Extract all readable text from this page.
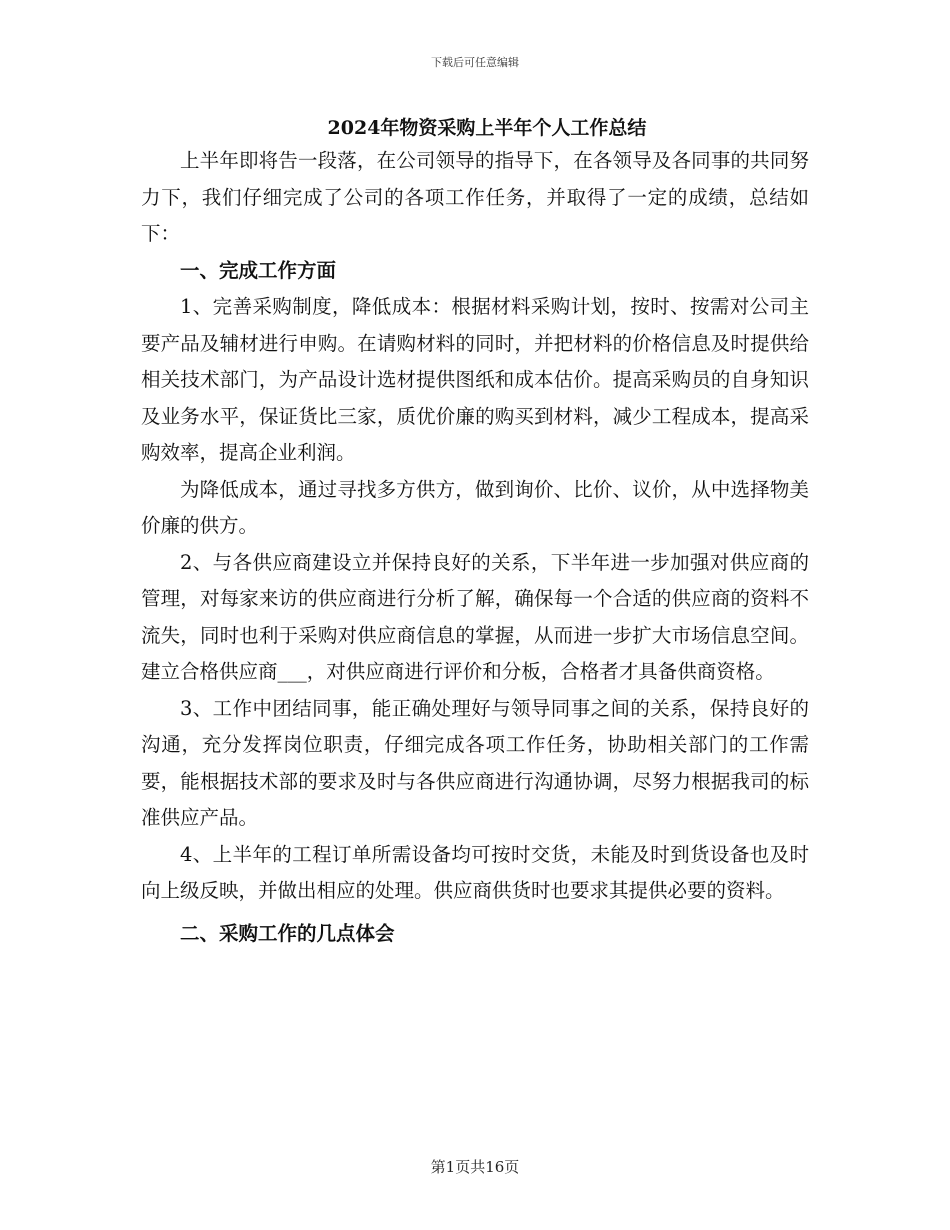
下载后可任意编辑
2024年物资采购上半年个人工作总结

上半年即将告一段落，在公司领导的指导下，在各领导及各同事的共同努力下，我们仔细完成了公司的各项工作任务，并取得了一定的成绩，总结如下：

一、完成工作方面

1、完善采购制度，降低成本：根据材料采购计划，按时、按需对公司主要产品及辅材进行申购。在请购材料的同时，并把材料的价格信息及时提供给相关技术部门，为产品设计选材提供图纸和成本估价。提高采购员的自身知识及业务水平，保证货比三家，质优价廉的购买到材料，减少工程成本，提高采购效率，提高企业利润。

为降低成本，通过寻找多方供方，做到询价、比价、议价，从中选择物美价廉的供方。

2、与各供应商建设立并保持良好的关系，下半年进一步加强对供应商的管理，对每家来访的供应商进行分析了解，确保每一个合适的供应商的资料不流失，同时也利于采购对供应商信息的掌握，从而进一步扩大市场信息空间。建立合格供应商___，对供应商进行评价和分板，合格者才具备供商资格。

3、工作中团结同事，能正确处理好与领导同事之间的关系，保持良好的沟通，充分发挥岗位职责，仔细完成各项工作任务，协助相关部门的工作需要，能根据技术部的要求及时与各供应商进行沟通协调，尽努力根据我司的标准供应产品。

4、上半年的工程订单所需设备均可按时交货，未能及时到货设备也及时向上级反映，并做出相应的处理。供应商供货时也要求其提供必要的资料。

二、采购工作的几点体会

第1页共16页
